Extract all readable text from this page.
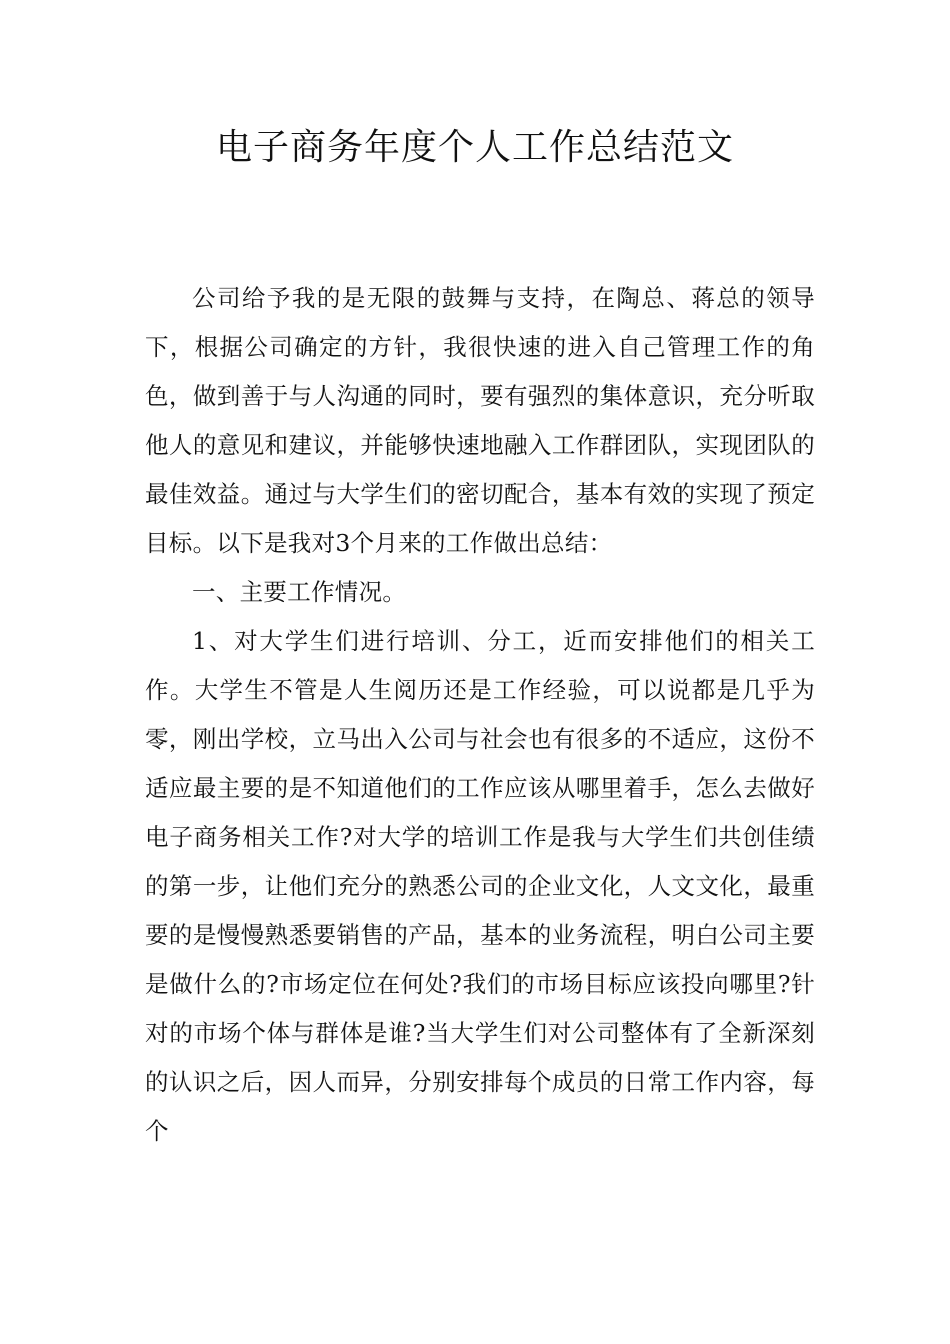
电子商务年度个人工作总结范文

公司给予我的是无限的鼓舞与支持，在陶总、蒋总的领导下，根据公司确定的方针，我很快速的进入自己管理工作的角色，做到善于与人沟通的同时，要有强烈的集体意识，充分听取他人的意见和建议，并能够快速地融入工作群团队，实现团队的最佳效益。通过与大学生们的密切配合，基本有效的实现了预定目标。以下是我对3个月来的工作做出总结：

一、主要工作情况。

1、对大学生们进行培训、分工，近而安排他们的相关工作。大学生不管是人生阅历还是工作经验，可以说都是几乎为零，刚出学校，立马出入公司与社会也有很多的不适应，这份不适应最主要的是不知道他们的工作应该从哪里着手，怎么去做好电子商务相关工作?对大学的培训工作是我与大学生们共创佳绩的第一步，让他们充分的熟悉公司的企业文化，人文文化，最重要的是慢慢熟悉要销售的产品，基本的业务流程，明白公司主要是做什么的?市场定位在何处?我们的市场目标应该投向哪里?针对的市场个体与群体是谁?当大学生们对公司整体有了全新深刻的认识之后，因人而异，分别安排每个成员的日常工作内容，每个
